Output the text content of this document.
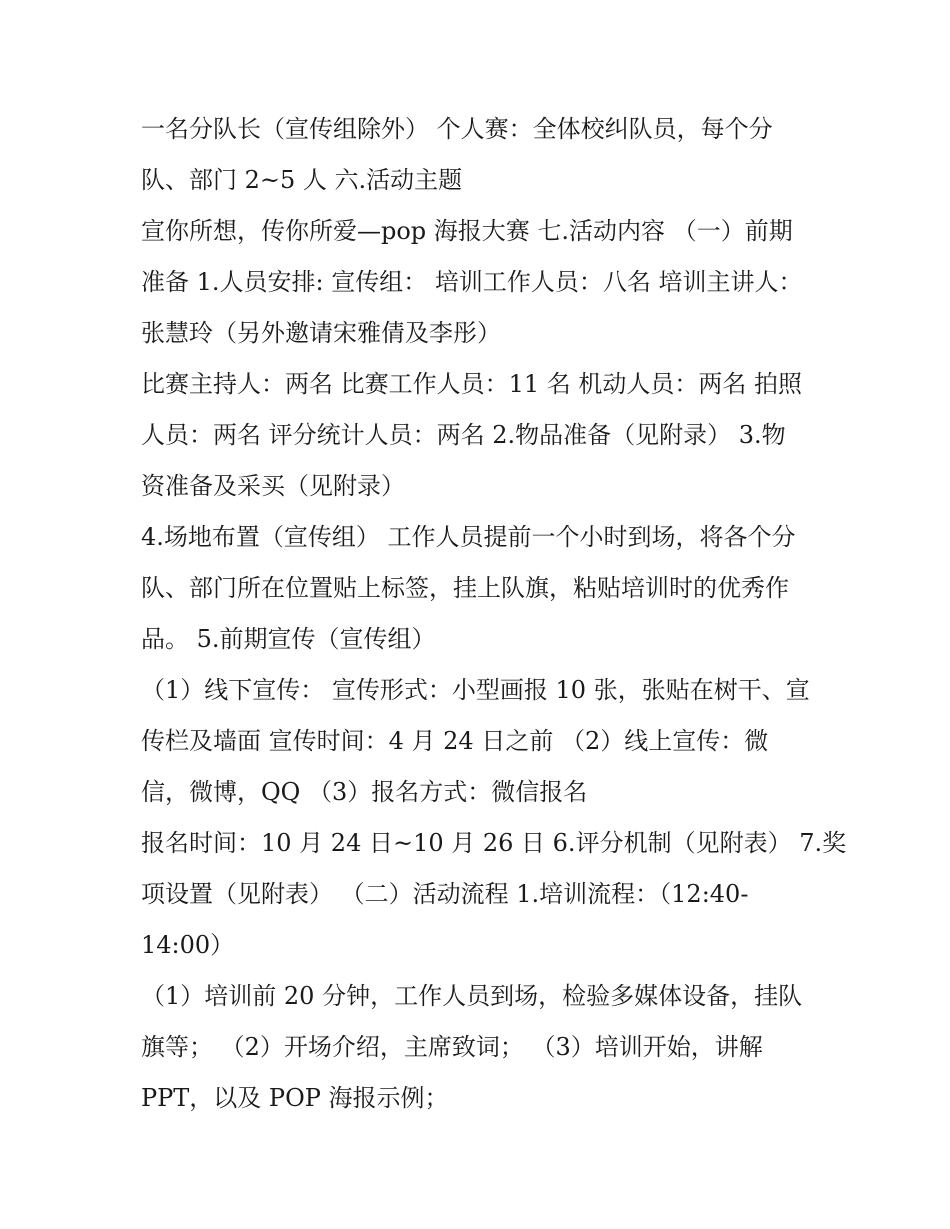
一名分队长（宣传组除外） 个人赛：全体校纠队员，每个分
队、部门 2~5 人 六.活动主题
宣你所想，传你所爱—pop 海报大赛 七.活动内容 （一）前期
准备 1.人员安排: 宣传组： 培训工作人员：八名 培训主讲人：
张慧玲（另外邀请宋雅倩及李彤）
比赛主持人：两名 比赛工作人员：11 名 机动人员：两名 拍照
人员：两名 评分统计人员：两名 2.物品准备（见附录） 3.物
资准备及采买（见附录）
4.场地布置（宣传组） 工作人员提前一个小时到场，将各个分
队、部门所在位置贴上标签，挂上队旗，粘贴培训时的优秀作
品。 5.前期宣传（宣传组）
（1）线下宣传： 宣传形式：小型画报 10 张，张贴在树干、宣
传栏及墙面 宣传时间：4 月 24 日之前 （2）线上宣传：微
信，微博，QQ （3）报名方式：微信报名
报名时间：10 月 24 日~10 月 26 日 6.评分机制（见附表） 7.奖
项设置（见附表） （二）活动流程 1.培训流程：（12:40-
14:00）
（1）培训前 20 分钟，工作人员到场，检验多媒体设备，挂队
旗等； （2）开场介绍，主席致词； （3）培训开始，讲解
PPT，以及 POP 海报示例；
